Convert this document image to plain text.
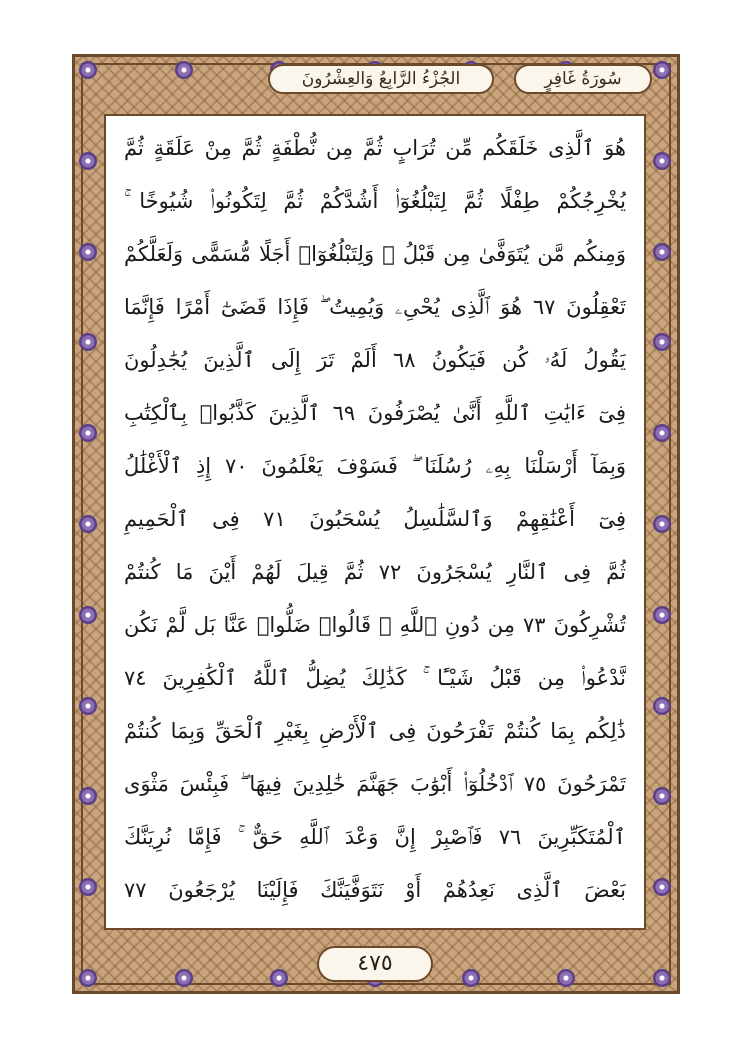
الجُزْءُ الرَّابِعُ وَالعِشْرُونَ	سُورَةُ غَافِرٍ
هُوَ ٱلَّذِى خَلَقَكُم مِّن تُرَابٍ ثُمَّ مِن نُّطْفَةٍ ثُمَّ مِنْ عَلَقَةٍ ثُمَّ
يُخْرِجُكُمْ طِفْلًا ثُمَّ لِتَبْلُغُوٓا۟ أَشُدَّكُمْ ثُمَّ لِتَكُونُوا۟ شُيُوخًا ۚ
وَمِنكُم مَّن يُتَوَفَّىٰ مِن قَبْلُ ۖ وَلِتَبْلُغُوٓا۟ أَجَلًا مُّسَمًّى وَلَعَلَّكُمْ
تَعْقِلُونَ ٦٧ هُوَ ٱلَّذِى يُحْىِۦ وَيُمِيتُ ۖ فَإِذَا قَضَىٰٓ أَمْرًا فَإِنَّمَا
يَقُولُ لَهُۥ كُن فَيَكُونُ ٦٨ أَلَمْ تَرَ إِلَى ٱلَّذِينَ يُجَٰدِلُونَ
فِىٓ ءَايَٰتِ ٱللَّهِ أَنَّىٰ يُصْرَفُونَ ٦٩ ٱلَّذِينَ كَذَّبُوا۟ بِٱلْكِتَٰبِ
وَبِمَآ أَرْسَلْنَا بِهِۦ رُسُلَنَا ۖ فَسَوْفَ يَعْلَمُونَ ٧٠ إِذِ ٱلْأَغْلَٰلُ
فِىٓ أَعْنَٰقِهِمْ وَٱلسَّلَٰسِلُ يُسْحَبُونَ ٧١ فِى ٱلْحَمِيمِ
ثُمَّ فِى ٱلنَّارِ يُسْجَرُونَ ٧٢ ثُمَّ قِيلَ لَهُمْ أَيْنَ مَا كُنتُمْ
تُشْرِكُونَ ٧٣ مِن دُونِ ٱللَّهِ ۖ قَالُوا۟ ضَلُّوا۟ عَنَّا بَل لَّمْ نَكُن
نَّدْعُوا۟ مِن قَبْلُ شَيْـًٔا ۚ كَذَٰلِكَ يُضِلُّ ٱللَّهُ ٱلْكَٰفِرِينَ ٧٤
ذَٰلِكُم بِمَا كُنتُمْ تَفْرَحُونَ فِى ٱلْأَرْضِ بِغَيْرِ ٱلْحَقِّ وَبِمَا كُنتُمْ
تَمْرَحُونَ ٧٥ ٱدْخُلُوٓا۟ أَبْوَٰبَ جَهَنَّمَ خَٰلِدِينَ فِيهَا ۖ فَبِئْسَ مَثْوَى
ٱلْمُتَكَبِّرِينَ ٧٦ فَٱصْبِرْ إِنَّ وَعْدَ ٱللَّهِ حَقٌّ ۚ فَإِمَّا نُرِيَنَّكَ
بَعْضَ ٱلَّذِى نَعِدُهُمْ أَوْ نَتَوَفَّيَنَّكَ فَإِلَيْنَا يُرْجَعُونَ ٧٧
٤٧٥
